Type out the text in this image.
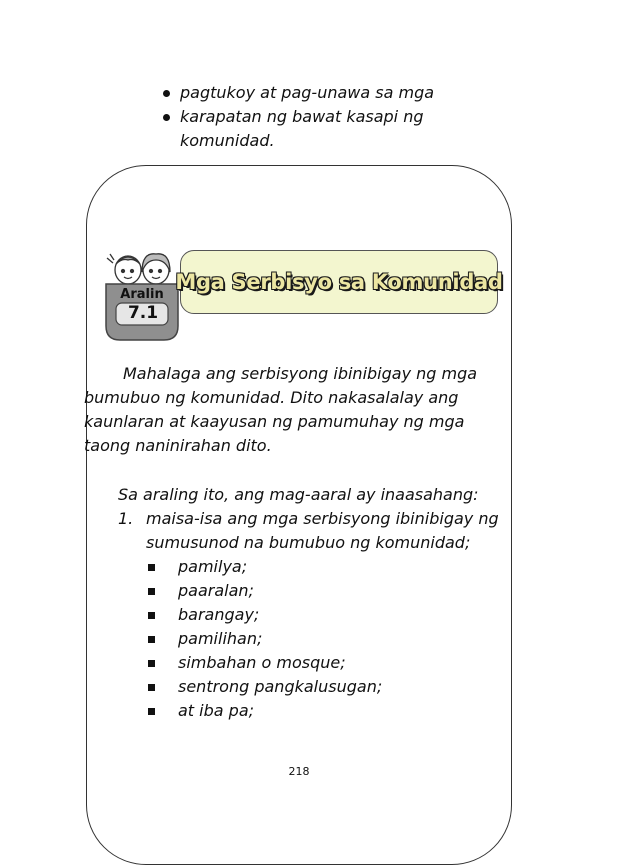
pagtukoy at pag-unawa sa mga
karapatan ng bawat kasapi ng
komunidad.
Aralin
7.1
Mga Serbisyo sa Komunidad
Mahalaga ang serbisyong ibinibigay ng mga
bumubuo ng komunidad. Dito nakasalalay ang
kaunlaran at kaayusan ng pamumuhay ng mga
taong naninirahan dito.
Sa araling ito, ang mag-aaral ay inaasahang:
1. maisa-isa ang mga serbisyong ibinibigay ng
sumusunod na bumubuo ng komunidad;
pamilya;
paaralan;
barangay;
pamilihan;
simbahan o mosque;
sentrong pangkalusugan;
at iba pa;
218
